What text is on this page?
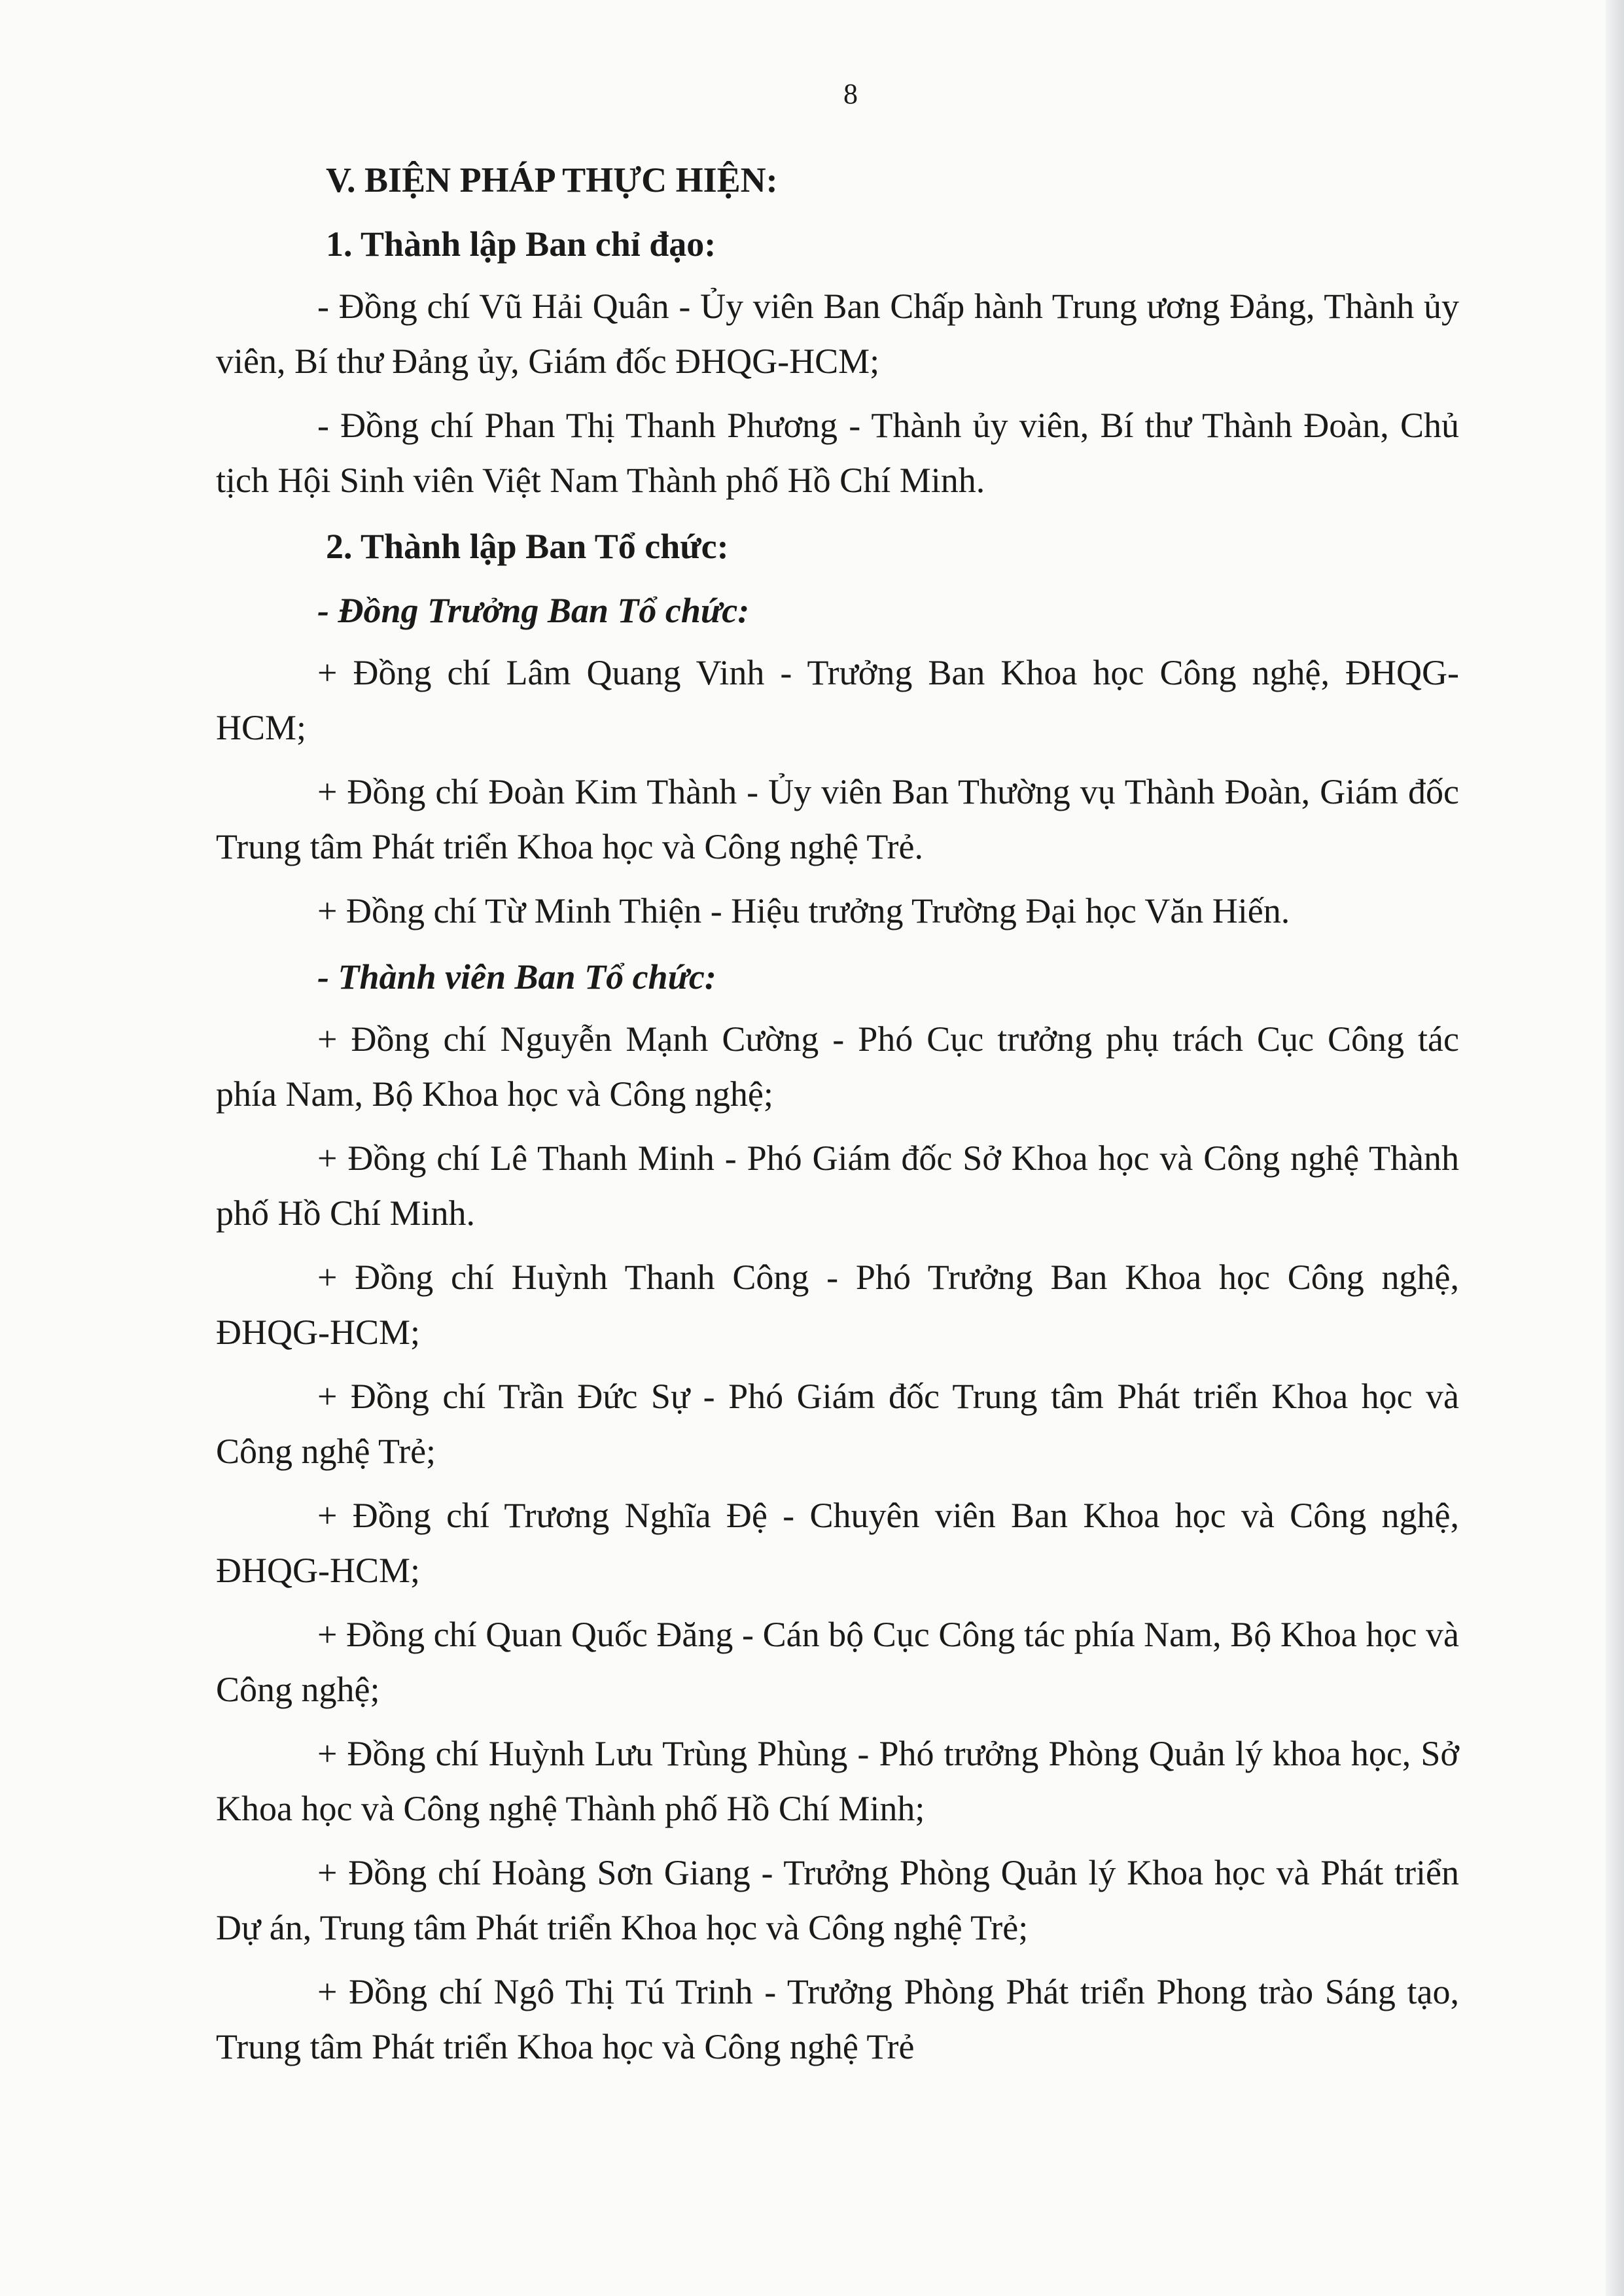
8
V. BIỆN PHÁP THỰC HIỆN:
1. Thành lập Ban chỉ đạo:

- Đồng chí Vũ Hải Quân - Ủy viên Ban Chấp hành Trung ương Đảng, Thành ủy viên, Bí thư Đảng ủy, Giám đốc ĐHQG-HCM;

- Đồng chí Phan Thị Thanh Phương - Thành ủy viên, Bí thư Thành Đoàn, Chủ tịch Hội Sinh viên Việt Nam Thành phố Hồ Chí Minh.

2. Thành lập Ban Tổ chức:
- Đồng Trưởng Ban Tổ chức:

+ Đồng chí Lâm Quang Vinh - Trưởng Ban Khoa học Công nghệ, ĐHQG-HCM;

+ Đồng chí Đoàn Kim Thành - Ủy viên Ban Thường vụ Thành Đoàn, Giám đốc Trung tâm Phát triển Khoa học và Công nghệ Trẻ.

+ Đồng chí Từ Minh Thiện - Hiệu trưởng Trường Đại học Văn Hiến.

- Thành viên Ban Tổ chức:

+ Đồng chí Nguyễn Mạnh Cường - Phó Cục trưởng phụ trách Cục Công tác phía Nam, Bộ Khoa học và Công nghệ;

+ Đồng chí Lê Thanh Minh - Phó Giám đốc Sở Khoa học và Công nghệ Thành phố Hồ Chí Minh.

+ Đồng chí Huỳnh Thanh Công - Phó Trưởng Ban Khoa học Công nghệ, ĐHQG-HCM;

+ Đồng chí Trần Đức Sự - Phó Giám đốc Trung tâm Phát triển Khoa học và Công nghệ Trẻ;

+ Đồng chí Trương Nghĩa Đệ - Chuyên viên Ban Khoa học và Công nghệ, ĐHQG-HCM;

+ Đồng chí Quan Quốc Đăng - Cán bộ Cục Công tác phía Nam, Bộ Khoa học và Công nghệ;

+ Đồng chí Huỳnh Lưu Trùng Phùng - Phó trưởng Phòng Quản lý khoa học, Sở Khoa học và Công nghệ Thành phố Hồ Chí Minh;

+ Đồng chí Hoàng Sơn Giang - Trưởng Phòng Quản lý Khoa học và Phát triển Dự án, Trung tâm Phát triển Khoa học và Công nghệ Trẻ;

+ Đồng chí Ngô Thị Tú Trinh - Trưởng Phòng Phát triển Phong trào Sáng tạo, Trung tâm Phát triển Khoa học và Công nghệ Trẻ
